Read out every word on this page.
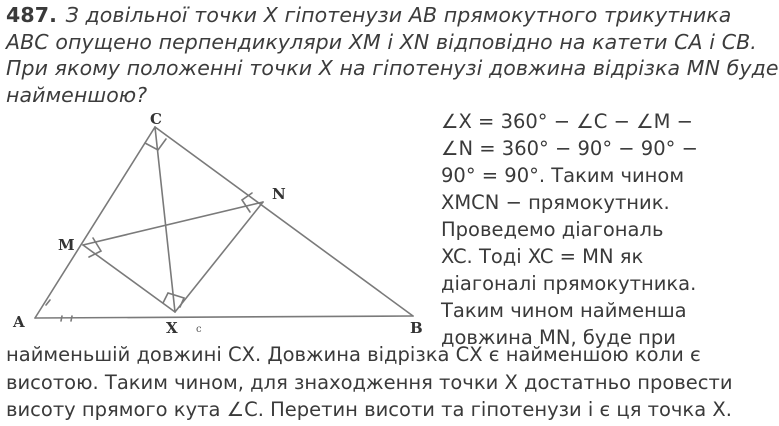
487. З довільної точки X гіпотенузи AB прямокутного трикутника
ABC опущено перпендикуляри XM і XN відповідно на катети CA і CB.
При якому положенні точки X на гіпотенузі довжина відрізка MN буде
найменшою?
C
N
M
A	X	B
c
∠X = 360° − ∠C − ∠M −
∠N = 360° − 90° − 90° −
90° = 90°. Таким чином
XMCN − прямокутник.
Проведемо діагональ
XC. Тоді XC = MN як
діагоналі прямокутника.
Таким чином найменша
довжина MN, буде при
найменьшій довжині CX. Довжина відрізка CX є найменшою коли є
висотою. Таким чином, для знаходження точки X достатньо провести
висоту прямого кута ∠C. Перетин висоти та гіпотенузи і є ця точка X.
